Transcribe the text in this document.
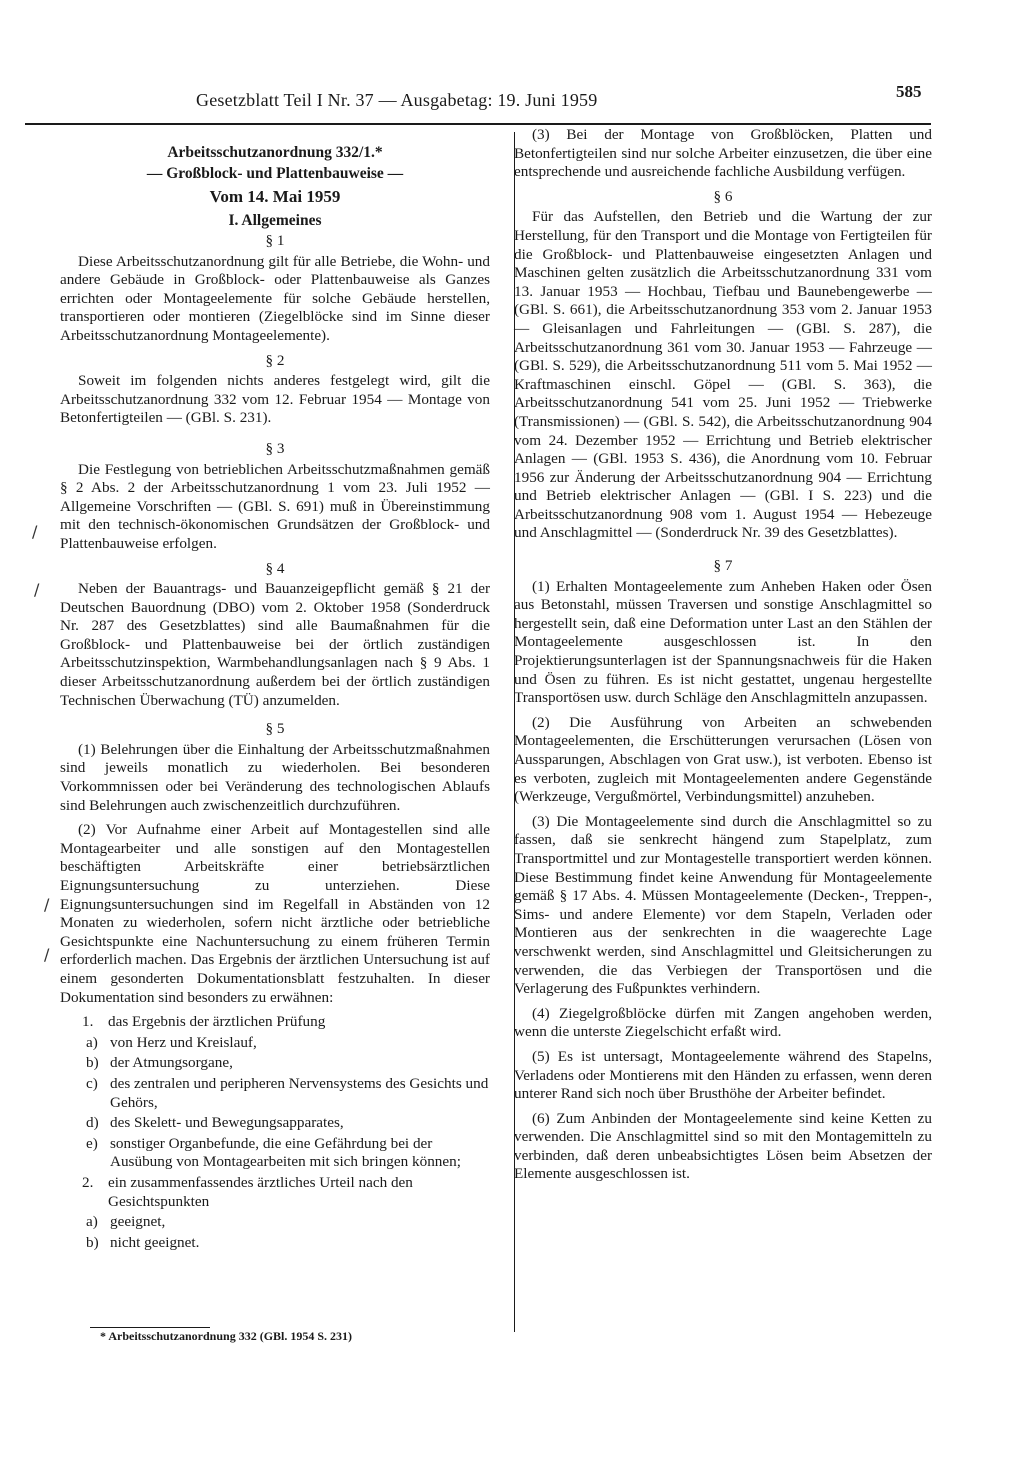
Gesetzblatt Teil I Nr. 37 — Ausgabetag: 19. Juni 1959	585
/
/
/
/
Arbeitsschutzanordnung 332/1.*
— Großblock- und Plattenbauweise —
Vom 14. Mai 1959
I. Allgemeines
§ 1

Diese Arbeitsschutzanordnung gilt für alle Betriebe, die Wohn- und andere Gebäude in Großblock- oder Plattenbauweise als Ganzes errichten oder Montageelemente für solche Gebäude herstellen, transportieren oder montieren (Ziegelblöcke sind im Sinne dieser Arbeitsschutzanordnung Montageelemente).

§ 2

Soweit im folgenden nichts anderes festgelegt wird, gilt die Arbeitsschutzanordnung 332 vom 12. Februar 1954 — Montage von Betonfertigteilen — (GBl. S. 231).

§ 3

Die Festlegung von betrieblichen Arbeitsschutzmaßnahmen gemäß § 2 Abs. 2 der Arbeitsschutzanordnung 1 vom 23. Juli 1952 — Allgemeine Vorschriften — (GBl. S. 691) muß in Übereinstimmung mit den technisch-ökonomischen Grundsätzen der Großblock- und Plattenbauweise erfolgen.

§ 4

Neben der Bauantrags- und Bauanzeigepflicht gemäß § 21 der Deutschen Bauordnung (DBO) vom 2. Oktober 1958 (Sonderdruck Nr. 287 des Gesetzblattes) sind alle Baumaßnahmen für die Großblock- und Plattenbauweise bei der örtlich zuständigen Arbeitsschutzinspektion, Warmbehandlungsanlagen nach § 9 Abs. 1 dieser Arbeitsschutzanordnung außerdem bei der örtlich zuständigen Technischen Überwachung (TÜ) anzumelden.

§ 5

(1) Belehrungen über die Einhaltung der Arbeitsschutzmaßnahmen sind jeweils monatlich zu wiederholen. Bei besonderen Vorkommnissen oder bei Veränderung des technologischen Ablaufs sind Belehrungen auch zwischenzeitlich durchzuführen.

(2) Vor Aufnahme einer Arbeit auf Montagestellen sind alle Montagearbeiter und alle sonstigen auf den Montagestellen beschäftigten Arbeitskräfte einer betriebsärztlichen Eignungsuntersuchung zu unterziehen. Diese Eignungsuntersuchungen sind im Regelfall in Abständen von 12 Monaten zu wiederholen, sofern nicht ärztliche oder betriebliche Gesichtspunkte eine Nachuntersuchung zu einem früheren Termin erforderlich machen. Das Ergebnis der ärztlichen Untersuchung ist auf einem gesonderten Dokumentationsblatt festzuhalten. In dieser Dokumentation sind besonders zu erwähnen:

1. das Ergebnis der ärztlichen Prüfung
a) von Herz und Kreislauf,
b) der Atmungsorgane,
c) des zentralen und peripheren Nervensystems des Gesichts und Gehörs,
d) des Skelett- und Bewegungsapparates,
e) sonstiger Organbefunde, die eine Gefährdung bei der Ausübung von Montagearbeiten mit sich bringen können;
2. ein zusammenfassendes ärztliches Urteil nach den Gesichtspunkten
a) geeignet,
b) nicht geeignet.
* Arbeitsschutzanordnung 332 (GBl. 1954 S. 231)

(3) Bei der Montage von Großblöcken, Platten und Betonfertigteilen sind nur solche Arbeiter einzusetzen, die über eine entsprechende und ausreichende fachliche Ausbildung verfügen.

§ 6

Für das Aufstellen, den Betrieb und die Wartung der zur Herstellung, für den Transport und die Montage von Fertigteilen für die Großblock- und Plattenbauweise eingesetzten Anlagen und Maschinen gelten zusätzlich die Arbeitsschutzanordnung 331 vom 13. Januar 1953 — Hochbau, Tiefbau und Baunebengewerbe — (GBl. S. 661), die Arbeitsschutzanordnung 353 vom 2. Januar 1953 — Gleisanlagen und Fahrleitungen — (GBl. S. 287), die Arbeitsschutzanordnung 361 vom 30. Januar 1953 — Fahrzeuge — (GBl. S. 529), die Arbeitsschutzanordnung 511 vom 5. Mai 1952 — Kraftmaschinen einschl. Göpel — (GBl. S. 363), die Arbeitsschutzanordnung 541 vom 25. Juni 1952 — Triebwerke (Transmissionen) — (GBl. S. 542), die Arbeitsschutzanordnung 904 vom 24. Dezember 1952 — Errichtung und Betrieb elektrischer Anlagen — (GBl. 1953 S. 436), die Anordnung vom 10. Februar 1956 zur Änderung der Arbeitsschutzanordnung 904 — Errichtung und Betrieb elektrischer Anlagen — (GBl. I S. 223) und die Arbeitsschutzanordnung 908 vom 1. August 1954 — Hebezeuge und Anschlagmittel — (Sonderdruck Nr. 39 des Gesetzblattes).

§ 7

(1) Erhalten Montageelemente zum Anheben Haken oder Ösen aus Betonstahl, müssen Traversen und sonstige Anschlagmittel so hergestellt sein, daß eine Deformation unter Last an den Stählen der Montageelemente ausgeschlossen ist. In den Projektierungsunterlagen ist der Spannungsnachweis für die Haken und Ösen zu führen. Es ist nicht gestattet, ungenau hergestellte Transportösen usw. durch Schläge den Anschlagmitteln anzupassen.

(2) Die Ausführung von Arbeiten an schwebenden Montageelementen, die Erschütterungen verursachen (Lösen von Aussparungen, Abschlagen von Grat usw.), ist verboten. Ebenso ist es verboten, zugleich mit Montageelementen andere Gegenstände (Werkzeuge, Vergußmörtel, Verbindungsmittel) anzuheben.

(3) Die Montageelemente sind durch die Anschlagmittel so zu fassen, daß sie senkrecht hängend zum Stapelplatz, zum Transportmittel und zur Montagestelle transportiert werden können. Diese Bestimmung findet keine Anwendung für Montageelemente gemäß § 17 Abs. 4. Müssen Montageelemente (Decken-, Treppen-, Sims- und andere Elemente) vor dem Stapeln, Verladen oder Montieren aus der senkrechten in die waagerechte Lage verschwenkt werden, sind Anschlagmittel und Gleitsicherungen zu verwenden, die das Verbiegen der Transportösen und die Verlagerung des Fußpunktes verhindern.

(4) Ziegelgroßblöcke dürfen mit Zangen angehoben werden, wenn die unterste Ziegelschicht erfaßt wird.

(5) Es ist untersagt, Montageelemente während des Stapelns, Verladens oder Montierens mit den Händen zu erfassen, wenn deren unterer Rand sich noch über Brusthöhe der Arbeiter befindet.

(6) Zum Anbinden der Montageelemente sind keine Ketten zu verwenden. Die Anschlagmittel sind so mit den Montagemitteln zu verbinden, daß deren unbeabsichtigtes Lösen beim Absetzen der Elemente ausgeschlossen ist.
